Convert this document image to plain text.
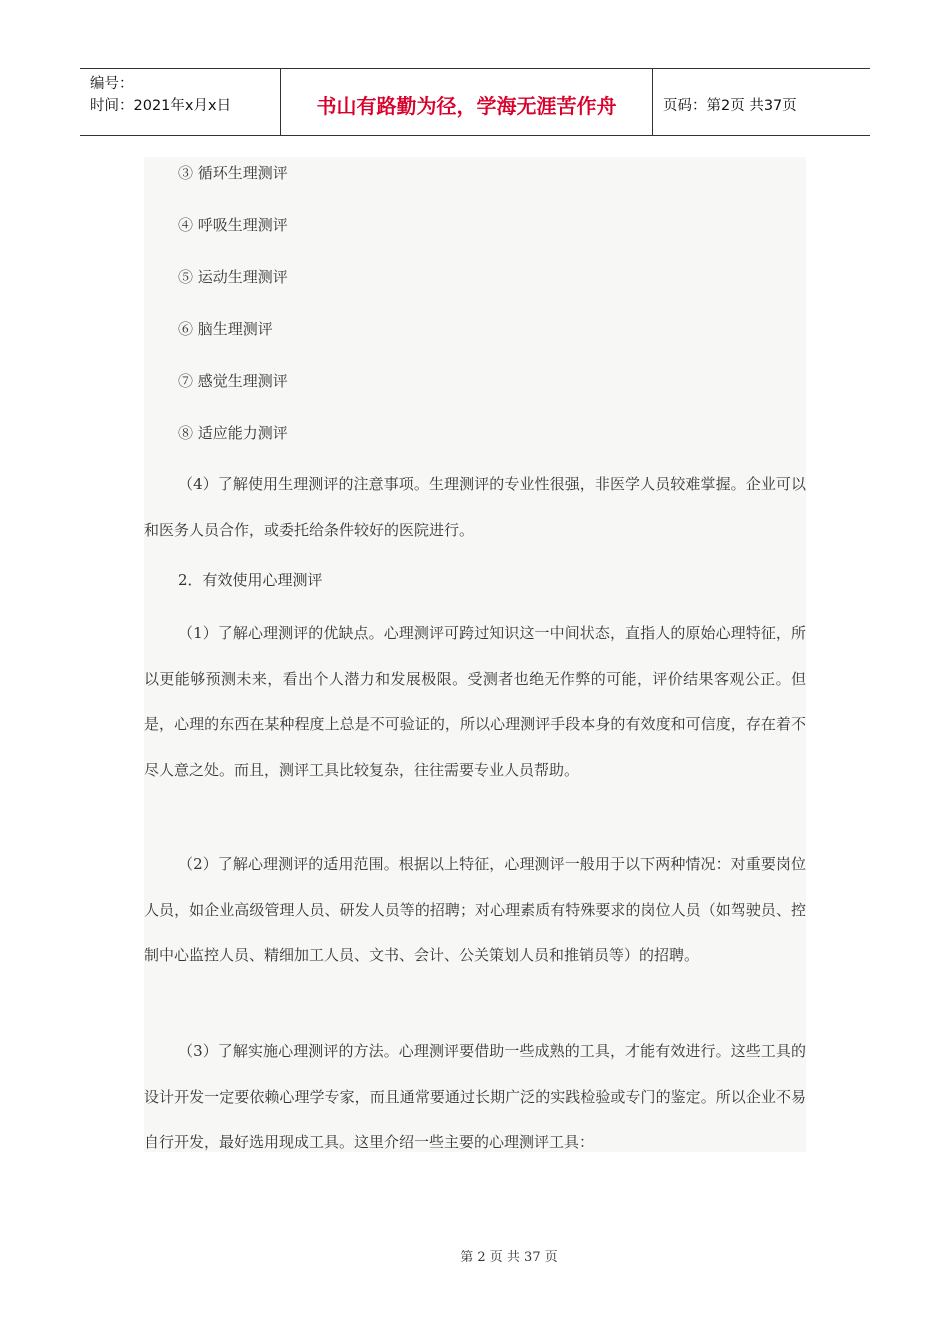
编号：
时间：2021年x月x日	书山有路勤为径，学海无涯苦作舟	页码：第2页 共37页
③ 循环生理测评
④ 呼吸生理测评
⑤ 运动生理测评
⑥ 脑生理测评
⑦ 感觉生理测评
⑧ 适应能力测评

（4）了解使用生理测评的注意事项。生理测评的专业性很强，非医学人员较难掌握。企业可以和医务人员合作，或委托给条件较好的医院进行。

2．有效使用心理测评

（1）了解心理测评的优缺点。心理测评可跨过知识这一中间状态，直指人的原始心理特征，所以更能够预测未来，看出个人潜力和发展极限。受测者也绝无作弊的可能，评价结果客观公正。但是，心理的东西在某种程度上总是不可验证的，所以心理测评手段本身的有效度和可信度，存在着不尽人意之处。而且，测评工具比较复杂，往往需要专业人员帮助。

（2）了解心理测评的适用范围。根据以上特征，心理测评一般用于以下两种情况：对重要岗位人员，如企业高级管理人员、研发人员等的招聘；对心理素质有特殊要求的岗位人员（如驾驶员、控制中心监控人员、精细加工人员、文书、会计、公关策划人员和推销员等）的招聘。

（3）了解实施心理测评的方法。心理测评要借助一些成熟的工具，才能有效进行。这些工具的设计开发一定要依赖心理学专家，而且通常要通过长期广泛的实践检验或专门的鉴定。所以企业不易自行开发，最好选用现成工具。这里介绍一些主要的心理测评工具：

第 2 页 共 37 页
